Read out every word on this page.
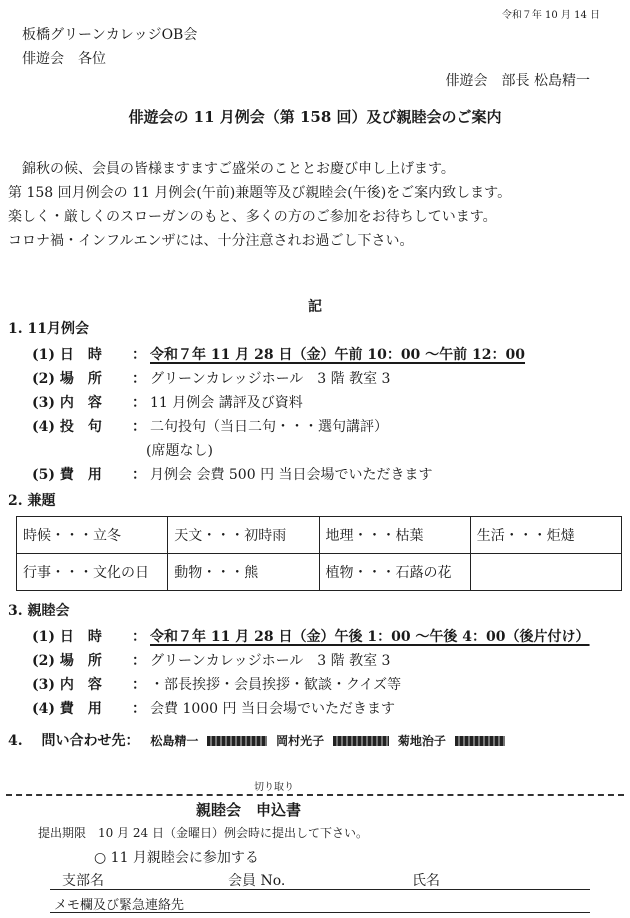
令和７年 10 月 14 日
板橋グリーンカレッジOB会
俳遊会　各位
俳遊会　部長 松島精一
俳遊会の 11 月例会（第 158 回）及び親睦会のご案内
錦秋の候、会員の皆様ますますご盛栄のこととお慶び申し上げます。
第 158 回月例会の 11 月例会(午前)兼題等及び親睦会(午後)をご案内致します。
楽しく・厳しくのスローガンのもと、多くの方のご参加をお待ちしています。
コロナ禍・インフルエンザには、十分注意されお過ごし下さい。
記
1. 11月例会
(1) 日　時 ： 令和７年 11 月 28 日（金）午前 10：00 〜午前 12：00
(2) 場　所 ： グリーンカレッジホール　3 階 教室 3
(3) 内　容 ： 11 月例会 講評及び資料
(4) 投　句 ： 二句投句（当日二句・・・選句講評）
(席題なし)
(5) 費　用 ： 月例会 会費 500 円 当日会場でいただきます
2. 兼題
時候・・・立冬	天文・・・初時雨	地理・・・枯葉	生活・・・炬燵
行事・・・文化の日	動物・・・熊	植物・・・石蕗の花	
3. 親睦会
(1) 日　時 ： 令和７年 11 月 28 日（金）午後 1：00 〜午後 4：00（後片付け）
(2) 場　所 ： グリーンカレッジホール　3 階 教室 3
(3) 内　容 ： ・部長挨拶・会員挨拶・歓談・クイズ等
(4) 費　用 ： 会費 1000 円 当日会場でいただきます
4. 問い合わせ先： 松島精一	岡村光子	菊地治子
切り取り
親睦会　申込書
提出期限　10 月 24 日（金曜日）例会時に提出して下さい。
○ 11 月親睦会に参加する
支部名	会員 No.	氏名
メモ欄及び緊急連絡先
